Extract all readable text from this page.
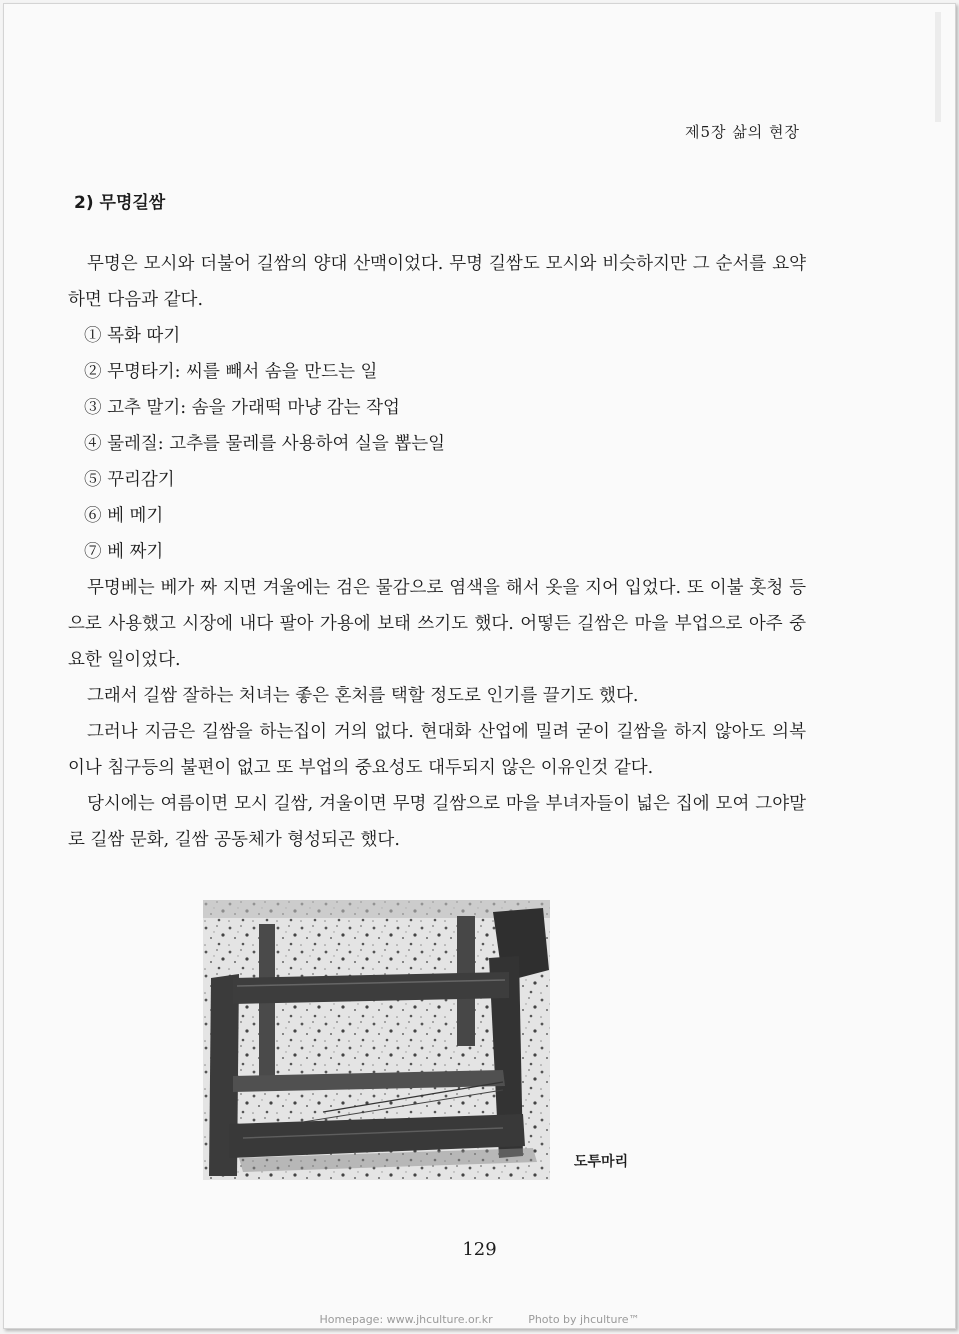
제5장 삶의 현장
2) 무명길쌈

무명은 모시와 더불어 길쌈의 양대 산맥이었다. 무명 길쌈도 모시와 비슷하지만 그 순서를 요약하면 다음과 같다.

① 목화 따기
② 무명타기: 씨를 빼서 솜을 만드는 일
③ 고추 말기: 솜을 가래떡 마냥 감는 작업
④ 물레질: 고추를 물레를 사용하여 실을 뽑는일
⑤ 꾸리감기
⑥ 베 메기
⑦ 베 짜기

무명베는 베가 짜 지면 겨울에는 검은 물감으로 염색을 해서 옷을 지어 입었다. 또 이불 홋청 등으로 사용했고 시장에 내다 팔아 가용에 보태 쓰기도 했다. 어떻든 길쌈은 마을 부업으로 아주 중요한 일이었다.

그래서 길쌈 잘하는 처녀는 좋은 혼처를 택할 정도로 인기를 끌기도 했다.

그러나 지금은 길쌈을 하는집이 거의 없다. 현대화 산업에 밀려 굳이 길쌈을 하지 않아도 의복이나 침구등의 불편이 없고 또 부업의 중요성도 대두되지 않은 이유인것 같다.

당시에는 여름이면 모시 길쌈, 겨울이면 무명 길쌈으로 마을 부녀자들이 넓은 집에 모여 그야말로 길쌈 문화, 길쌈 공동체가 형성되곤 했다.

도투마리
129
Homepage: www.jhculture.or.kr	Photo by jhculture™
